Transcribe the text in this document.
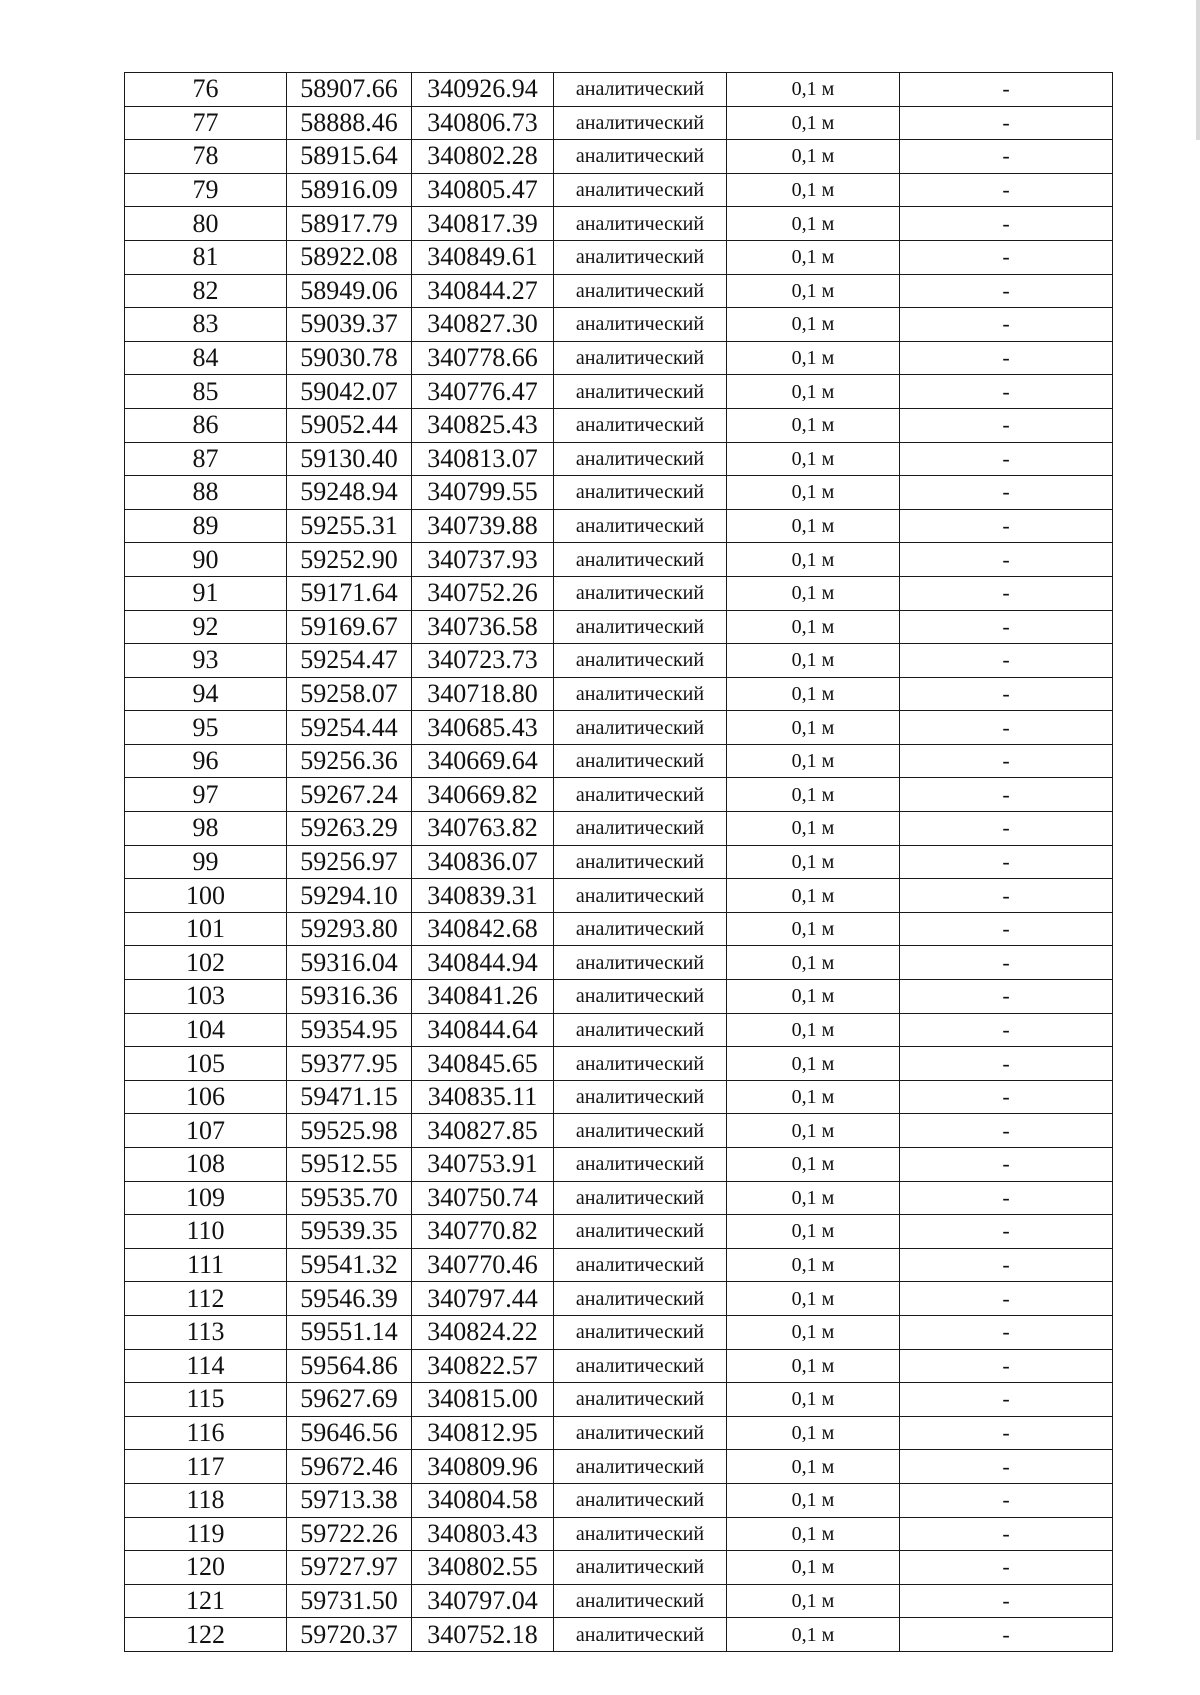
76	58907.66	340926.94	аналитический	0,1 м	-
77	58888.46	340806.73	аналитический	0,1 м	-
78	58915.64	340802.28	аналитический	0,1 м	-
79	58916.09	340805.47	аналитический	0,1 м	-
80	58917.79	340817.39	аналитический	0,1 м	-
81	58922.08	340849.61	аналитический	0,1 м	-
82	58949.06	340844.27	аналитический	0,1 м	-
83	59039.37	340827.30	аналитический	0,1 м	-
84	59030.78	340778.66	аналитический	0,1 м	-
85	59042.07	340776.47	аналитический	0,1 м	-
86	59052.44	340825.43	аналитический	0,1 м	-
87	59130.40	340813.07	аналитический	0,1 м	-
88	59248.94	340799.55	аналитический	0,1 м	-
89	59255.31	340739.88	аналитический	0,1 м	-
90	59252.90	340737.93	аналитический	0,1 м	-
91	59171.64	340752.26	аналитический	0,1 м	-
92	59169.67	340736.58	аналитический	0,1 м	-
93	59254.47	340723.73	аналитический	0,1 м	-
94	59258.07	340718.80	аналитический	0,1 м	-
95	59254.44	340685.43	аналитический	0,1 м	-
96	59256.36	340669.64	аналитический	0,1 м	-
97	59267.24	340669.82	аналитический	0,1 м	-
98	59263.29	340763.82	аналитический	0,1 м	-
99	59256.97	340836.07	аналитический	0,1 м	-
100	59294.10	340839.31	аналитический	0,1 м	-
101	59293.80	340842.68	аналитический	0,1 м	-
102	59316.04	340844.94	аналитический	0,1 м	-
103	59316.36	340841.26	аналитический	0,1 м	-
104	59354.95	340844.64	аналитический	0,1 м	-
105	59377.95	340845.65	аналитический	0,1 м	-
106	59471.15	340835.11	аналитический	0,1 м	-
107	59525.98	340827.85	аналитический	0,1 м	-
108	59512.55	340753.91	аналитический	0,1 м	-
109	59535.70	340750.74	аналитический	0,1 м	-
110	59539.35	340770.82	аналитический	0,1 м	-
111	59541.32	340770.46	аналитический	0,1 м	-
112	59546.39	340797.44	аналитический	0,1 м	-
113	59551.14	340824.22	аналитический	0,1 м	-
114	59564.86	340822.57	аналитический	0,1 м	-
115	59627.69	340815.00	аналитический	0,1 м	-
116	59646.56	340812.95	аналитический	0,1 м	-
117	59672.46	340809.96	аналитический	0,1 м	-
118	59713.38	340804.58	аналитический	0,1 м	-
119	59722.26	340803.43	аналитический	0,1 м	-
120	59727.97	340802.55	аналитический	0,1 м	-
121	59731.50	340797.04	аналитический	0,1 м	-
122	59720.37	340752.18	аналитический	0,1 м	-
